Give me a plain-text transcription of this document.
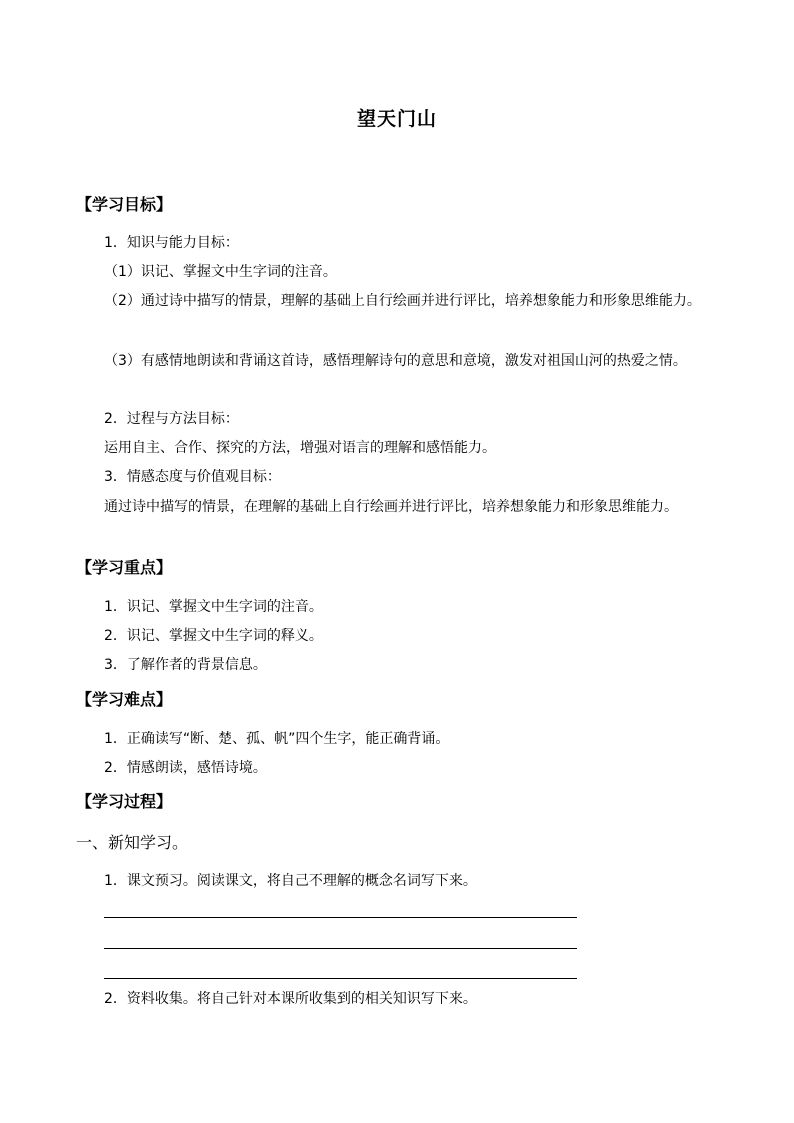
望天门山
【学习目标】
1．知识与能力目标：
（1）识记、掌握文中生字词的注音。
（2）通过诗中描写的情景，理解的基础上自行绘画并进行评比，培养想象能力和形象思维能力。
（3）有感情地朗读和背诵这首诗，感悟理解诗句的意思和意境，激发对祖国山河的热爱之情。
2．过程与方法目标：
运用自主、合作、探究的方法，增强对语言的理解和感悟能力。
3．情感态度与价值观目标：
通过诗中描写的情景，在理解的基础上自行绘画并进行评比，培养想象能力和形象思维能力。
【学习重点】
1．识记、掌握文中生字词的注音。
2．识记、掌握文中生字词的释义。
3．了解作者的背景信息。
【学习难点】
1．正确读写“断、楚、孤、帆”四个生字，能正确背诵。
2．情感朗读，感悟诗境。
【学习过程】
一、新知学习。
1．课文预习。阅读课文，将自己不理解的概念名词写下来。
2．资料收集。将自己针对本课所收集到的相关知识写下来。
